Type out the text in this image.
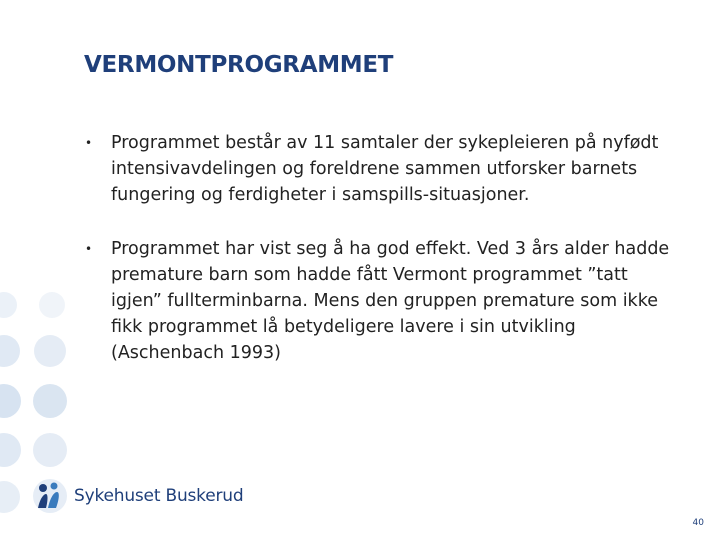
VERMONTPROGRAMMET
• Programmet består av 11 samtaler der sykepleieren på nyfødt intensivavdelingen og foreldrene sammen utforsker barnets fungering og ferdigheter i samspills-situasjoner.
• Programmet har vist seg å ha god effekt. Ved 3 års alder hadde premature barn som hadde fått Vermont programmet ”tatt igjen” fullterminbarna. Mens den gruppen premature som ikke fikk programmet lå betydeligere lavere i sin utvikling (Aschenbach 1993)
Sykehuset Buskerud
40
